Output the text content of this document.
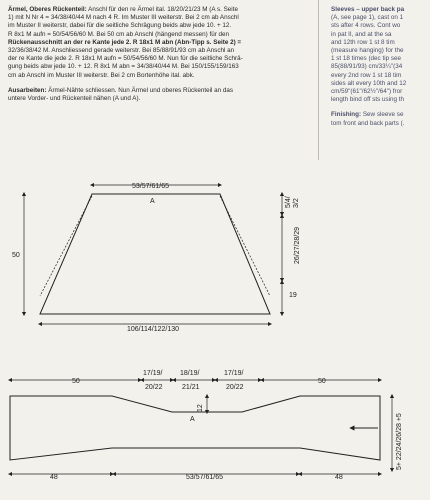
Ärmel, Oberes Rückenteil: Anschl für den re Ärmel ital. 18/20/21/23 M (A s. Seite
1) mit N Nr 4 = 34/38/40/44 M nach 4 R. Im Muster III weiterstr. Bei 2 cm ab Anschl
im Muster II weiterstr, dabei für die seitliche Schrägung beids abw jede 10. + 12.
R 8x1 M aufn = 50/54/56/60 M. Bei 50 cm ab Anschl (hängend messen) für den
Rückenausschnitt an der re Kante jede 2. R 18x1 M abn (Abn-Tipp s. Seite 2) =
32/36/38/42 M. Anschliessend gerade weiterstr. Bei 85/88/91/93 cm ab Anschl an
der re Kante die jede 2. R 18x1 M aufn = 50/54/56/60 M. Nun für die seitliche Schrä-
gung beids abw jede 10. + 12. R 8x1 M abn = 34/38/40/44 M. Bei 150/155/159/163
cm ab Anschl im Muster III weiterstr. Bei 2 cm Bortenhöhe ital. abk.

Ausarbeiten: Ärmel-Nähte schliessen. Nun Ärmel und oberes Rückenteil an das
untere Vorder- und Rückenteil nähen (A und A).

Sleeves – upper back pa
(A, see page 1), cast on 1
sts after 4 rows. Cont wo
in pat II, and at the sa
and 12th row 1 st 8 tim
(measure hanging) for the
1 st 18 times (dec tip see
85(88/91/93) cm/33¼"(34
every 2nd row 1 st 18 tim
sides alt every 10th and 12
cm/59"(61"/62½"/64") fror
length bind off sts using th

Finishing: Sew sleeve se
tom front and back parts (.

53/57/61/65
A
50
5/4/ 3/2
26/27/28/29
19
106/114/122/130
50	50
17/19/
20/22
18/19/
21/21
17/19/
20/22
12
A	5+ 22/24/26/28 +5
48	53/57/61/65	48
